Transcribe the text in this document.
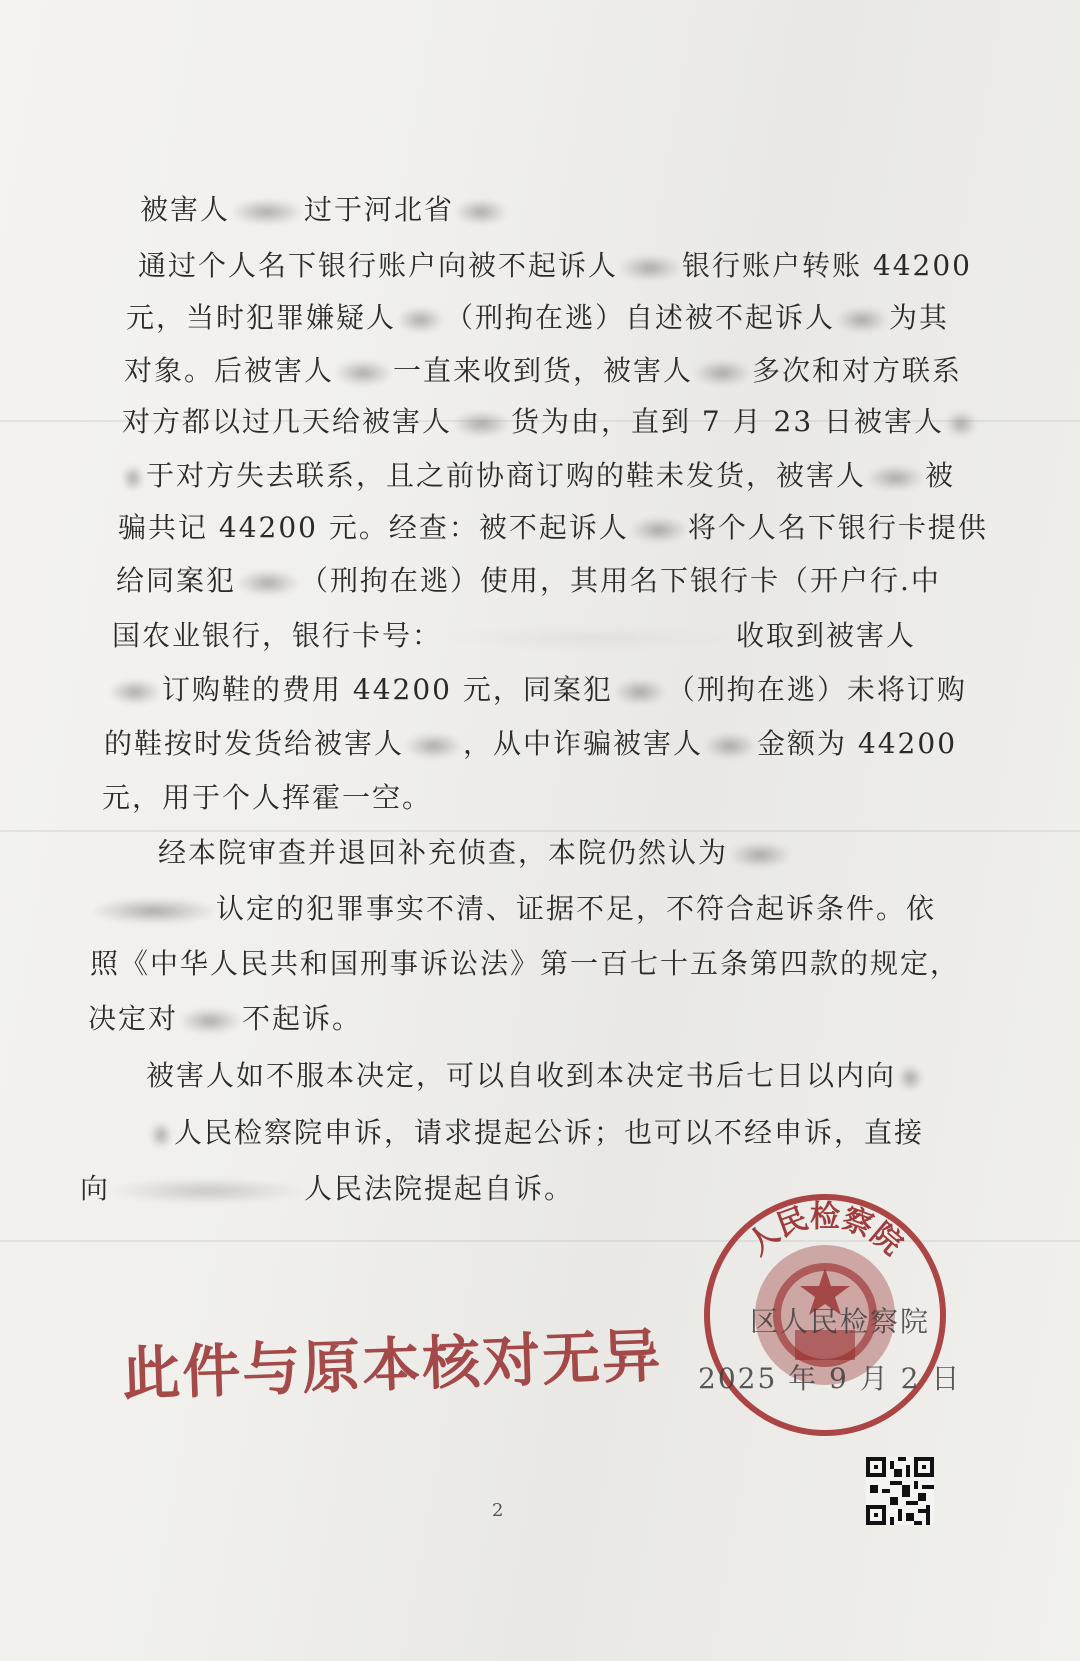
被害人	过于河北省
通过个人名下银行账户向被不起诉人 银行账户转账 44200
元，当时犯罪嫌疑人 （刑拘在逃）自述被不起诉人 为其
对象。后被害人 一直来收到货，被害人 多次和对方联系
对方都以过几天给被害人 货为由，直到 7 月 23 日被害人
于对方失去联系，且之前协商订购的鞋未发货，被害人 被
骗共记 44200 元。经查：被不起诉人 将个人名下银行卡提供
给同案犯 （刑拘在逃）使用，其用名下银行卡（开户行.中
国农业银行，银行卡号：	收取到被害人
订购鞋的费用 44200 元，同案犯 （刑拘在逃）未将订购
的鞋按时发货给被害人 ，从中诈骗被害人 金额为 44200
元，用于个人挥霍一空。
经本院审查并退回补充侦查，本院仍然认为
认定的犯罪事实不清、证据不足，不符合起诉条件。依
照《中华人民共和国刑事诉讼法》第一百七十五条第四款的规定，
决定对 不起诉。
被害人如不服本决定，可以自收到本决定书后七日以内向
人民检察院申诉，请求提起公诉；也可以不经申诉，直接
向	人民法院提起自诉。
此件与原本核对无异
人民检察院
区人民检察院
2025 年 9 月 2 日
2
